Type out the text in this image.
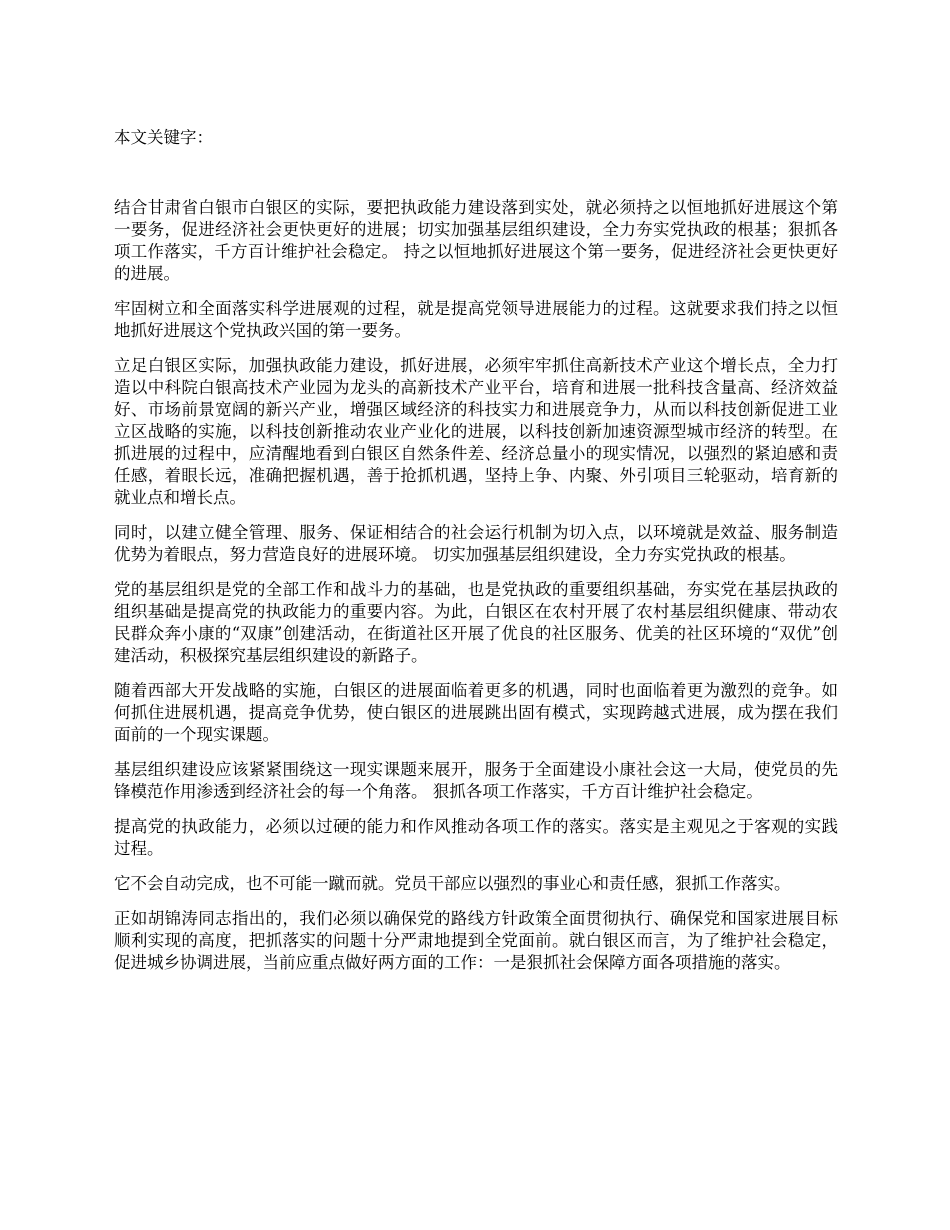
本文关键字：

结合甘肃省白银市白银区的实际，要把执政能力建设落到实处，就必须持之以恒地抓好进展这个第一要务，促进经济社会更快更好的进展；切实加强基层组织建设，全力夯实党执政的根基；狠抓各项工作落实，千方百计维护社会稳定。 持之以恒地抓好进展这个第一要务，促进经济社会更快更好的进展。

牢固树立和全面落实科学进展观的过程，就是提高党领导进展能力的过程。这就要求我们持之以恒地抓好进展这个党执政兴国的第一要务。

立足白银区实际，加强执政能力建设，抓好进展，必须牢牢抓住高新技术产业这个增长点，全力打造以中科院白银高技术产业园为龙头的高新技术产业平台，培育和进展一批科技含量高、经济效益好、市场前景宽阔的新兴产业，增强区域经济的科技实力和进展竞争力，从而以科技创新促进工业立区战略的实施，以科技创新推动农业产业化的进展，以科技创新加速资源型城市经济的转型。在抓进展的过程中，应清醒地看到白银区自然条件差、经济总量小的现实情况，以强烈的紧迫感和责任感，着眼长远，准确把握机遇，善于抢抓机遇，坚持上争、内聚、外引项目三轮驱动，培育新的就业点和增长点。

同时，以建立健全管理、服务、保证相结合的社会运行机制为切入点，以环境就是效益、服务制造优势为着眼点，努力营造良好的进展环境。 切实加强基层组织建设，全力夯实党执政的根基。

党的基层组织是党的全部工作和战斗力的基础，也是党执政的重要组织基础，夯实党在基层执政的组织基础是提高党的执政能力的重要内容。为此，白银区在农村开展了农村基层组织健康、带动农民群众奔小康的“双康”创建活动，在街道社区开展了优良的社区服务、优美的社区环境的“双优”创建活动，积极探究基层组织建设的新路子。

随着西部大开发战略的实施，白银区的进展面临着更多的机遇，同时也面临着更为激烈的竞争。如何抓住进展机遇，提高竞争优势，使白银区的进展跳出固有模式，实现跨越式进展，成为摆在我们面前的一个现实课题。

基层组织建设应该紧紧围绕这一现实课题来展开，服务于全面建设小康社会这一大局，使党员的先锋模范作用渗透到经济社会的每一个角落。 狠抓各项工作落实，千方百计维护社会稳定。

提高党的执政能力，必须以过硬的能力和作风推动各项工作的落实。落实是主观见之于客观的实践过程。

它不会自动完成，也不可能一蹴而就。党员干部应以强烈的事业心和责任感，狠抓工作落实。

正如胡锦涛同志指出的，我们必须以确保党的路线方针政策全面贯彻执行、确保党和国家进展目标顺利实现的高度，把抓落实的问题十分严肃地提到全党面前。就白银区而言，为了维护社会稳定，促进城乡协调进展，当前应重点做好两方面的工作：一是狠抓社会保障方面各项措施的落实。
